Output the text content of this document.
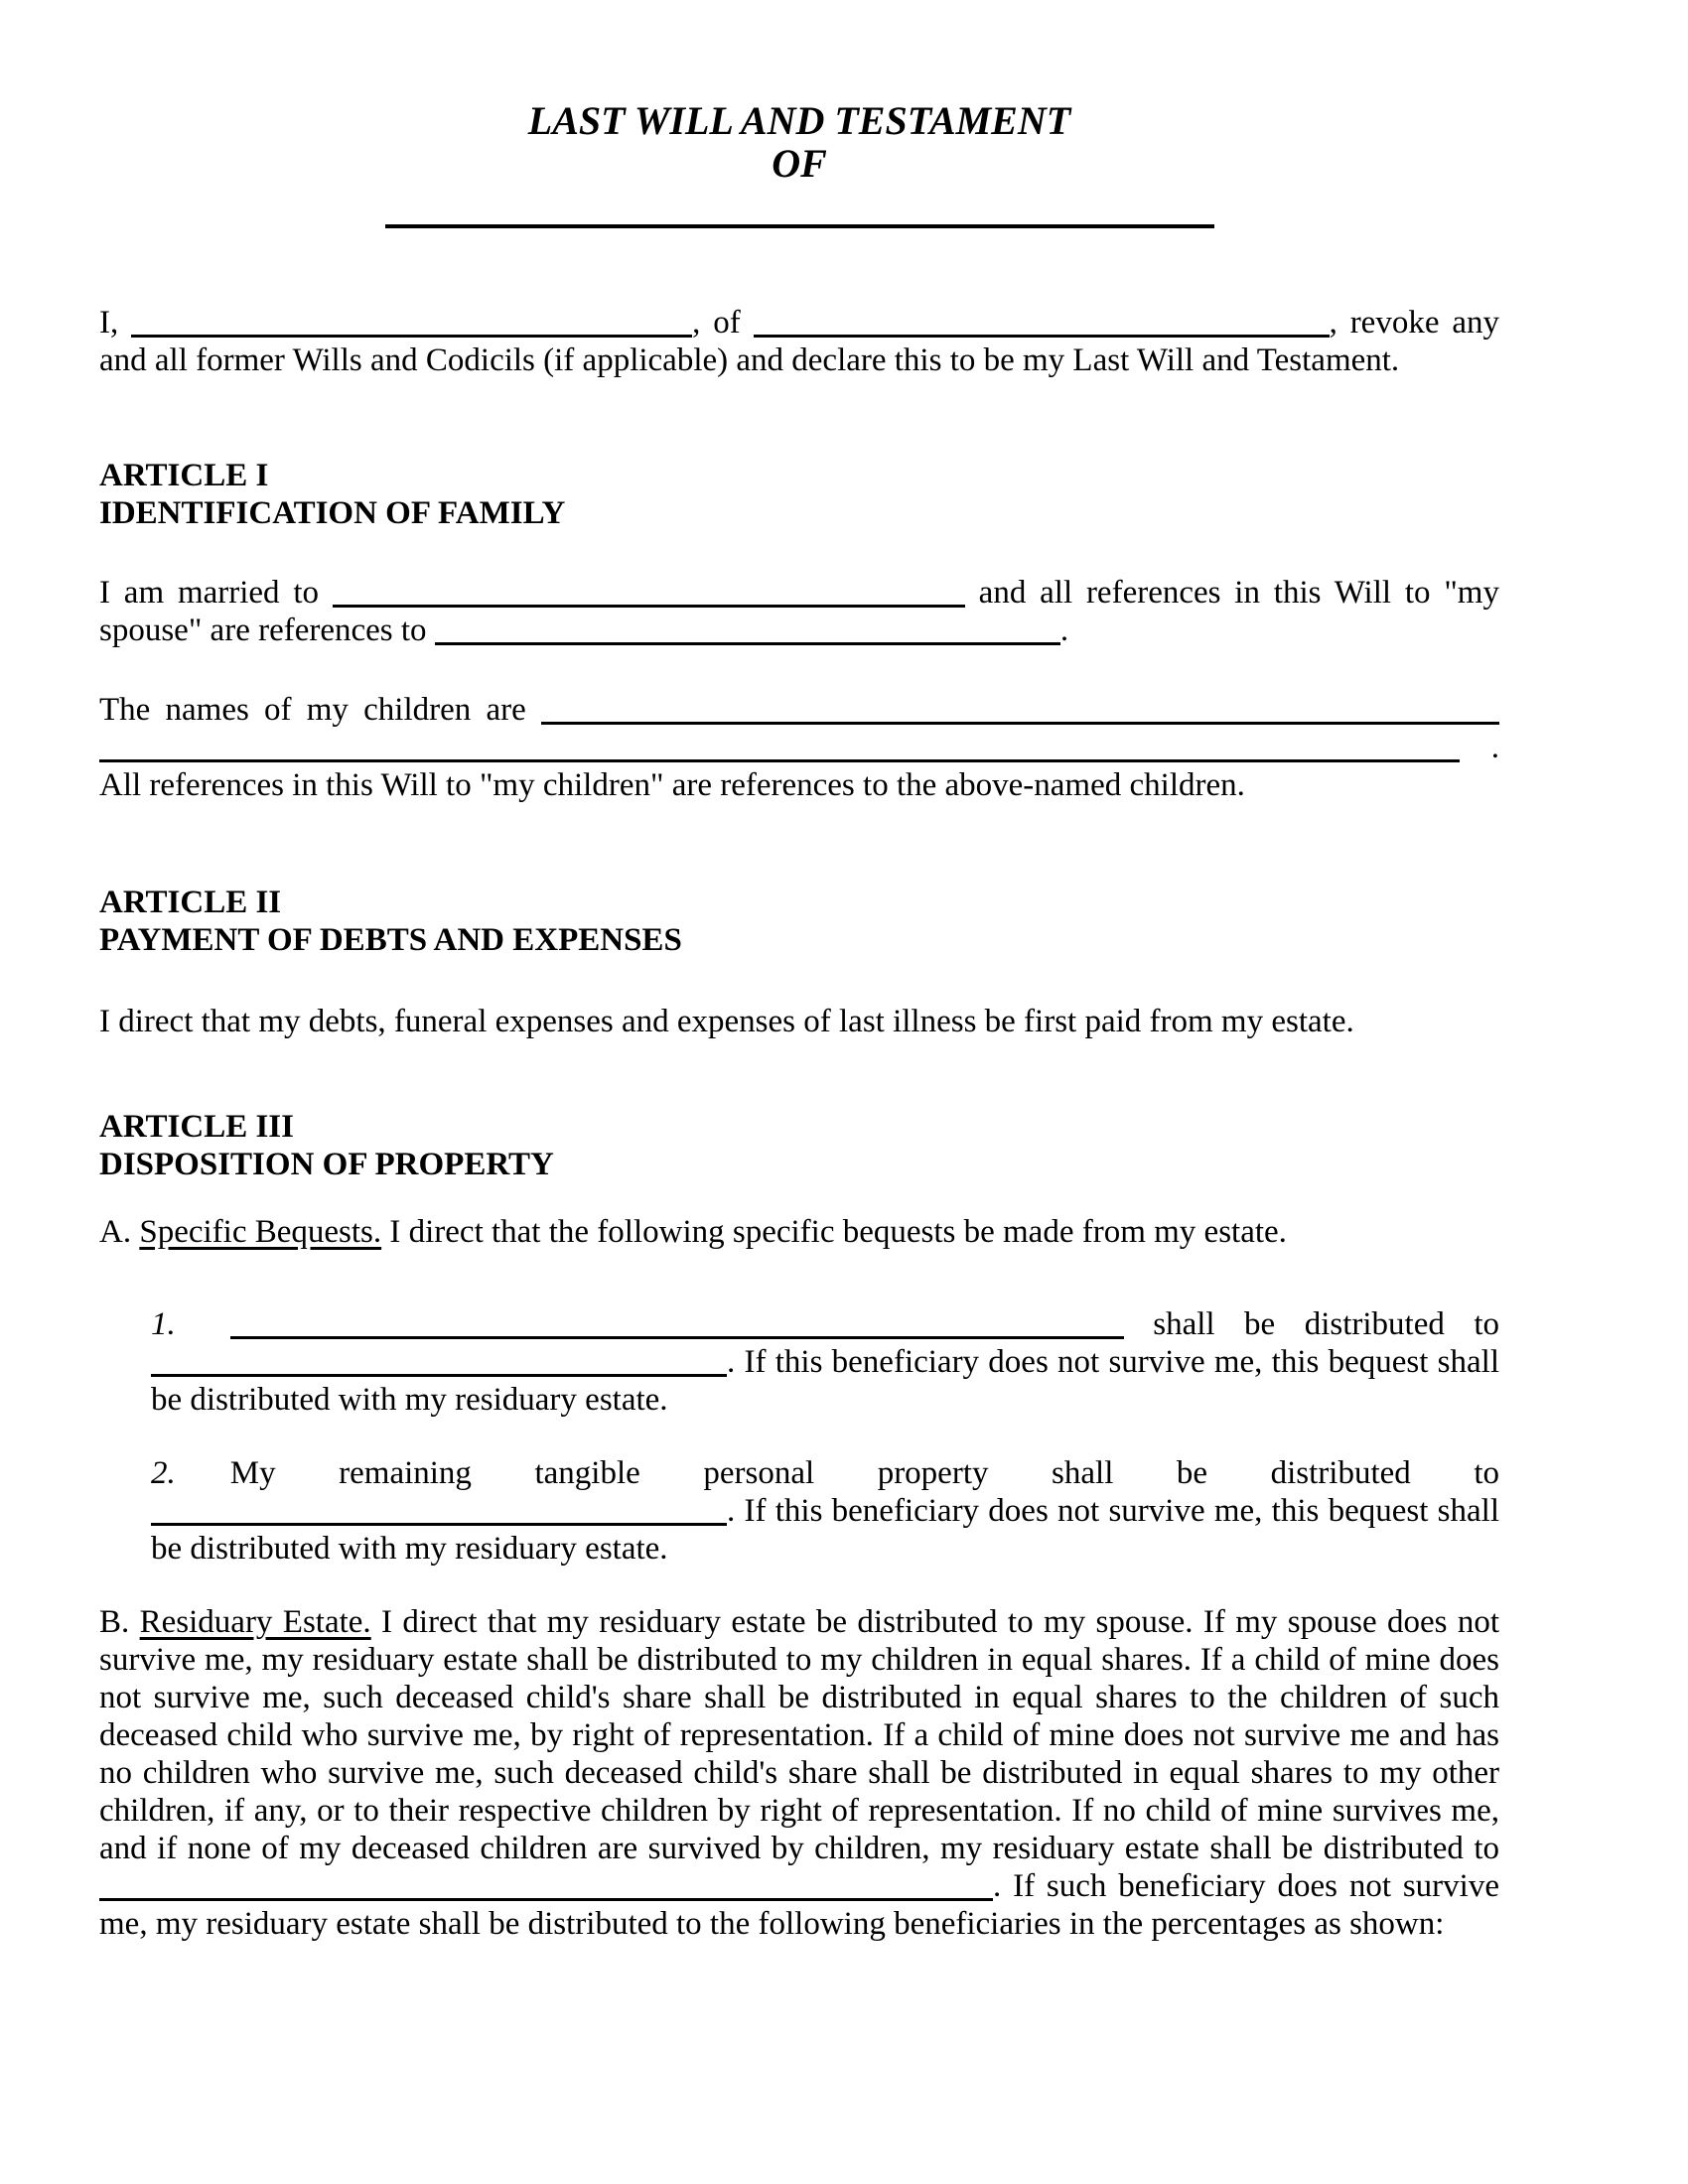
LAST WILL AND TESTAMENT
OF
I,	, of	, revoke any and all former Wills and Codicils (if applicable) and declare this to be my Last Will and Testament.
ARTICLE I
IDENTIFICATION OF FAMILY
I am married to	and all references in this Will to "my spouse" are references to	.
The names of my children are   . All references in this Will to "my children" are references to the above-named children.
ARTICLE II
PAYMENT OF DEBTS AND EXPENSES
I direct that my debts, funeral expenses and expenses of last illness be first paid from my estate.
ARTICLE III
DISPOSITION OF PROPERTY
A. Specific Bequests. I direct that the following specific bequests be made from my estate.
1.	shall be distributed to . If this beneficiary does not survive me, this bequest shall be distributed with my residuary estate.
2. My remaining tangible personal property shall be distributed to . If this beneficiary does not survive me, this bequest shall be distributed with my residuary estate.
B. Residuary Estate. I direct that my residuary estate be distributed to my spouse. If my spouse does not survive me, my residuary estate shall be distributed to my children in equal shares. If a child of mine does not survive me, such deceased child's share shall be distributed in equal shares to the children of such deceased child who survive me, by right of representation. If a child of mine does not survive me and has no children who survive me, such deceased child's share shall be distributed in equal shares to my other children, if any, or to their respective children by right of representation. If no child of mine survives me, and if none of my deceased children are survived by children, my residuary estate shall be distributed to . If such beneficiary does not survive me, my residuary estate shall be distributed to the following beneficiaries in the percentages as shown:
